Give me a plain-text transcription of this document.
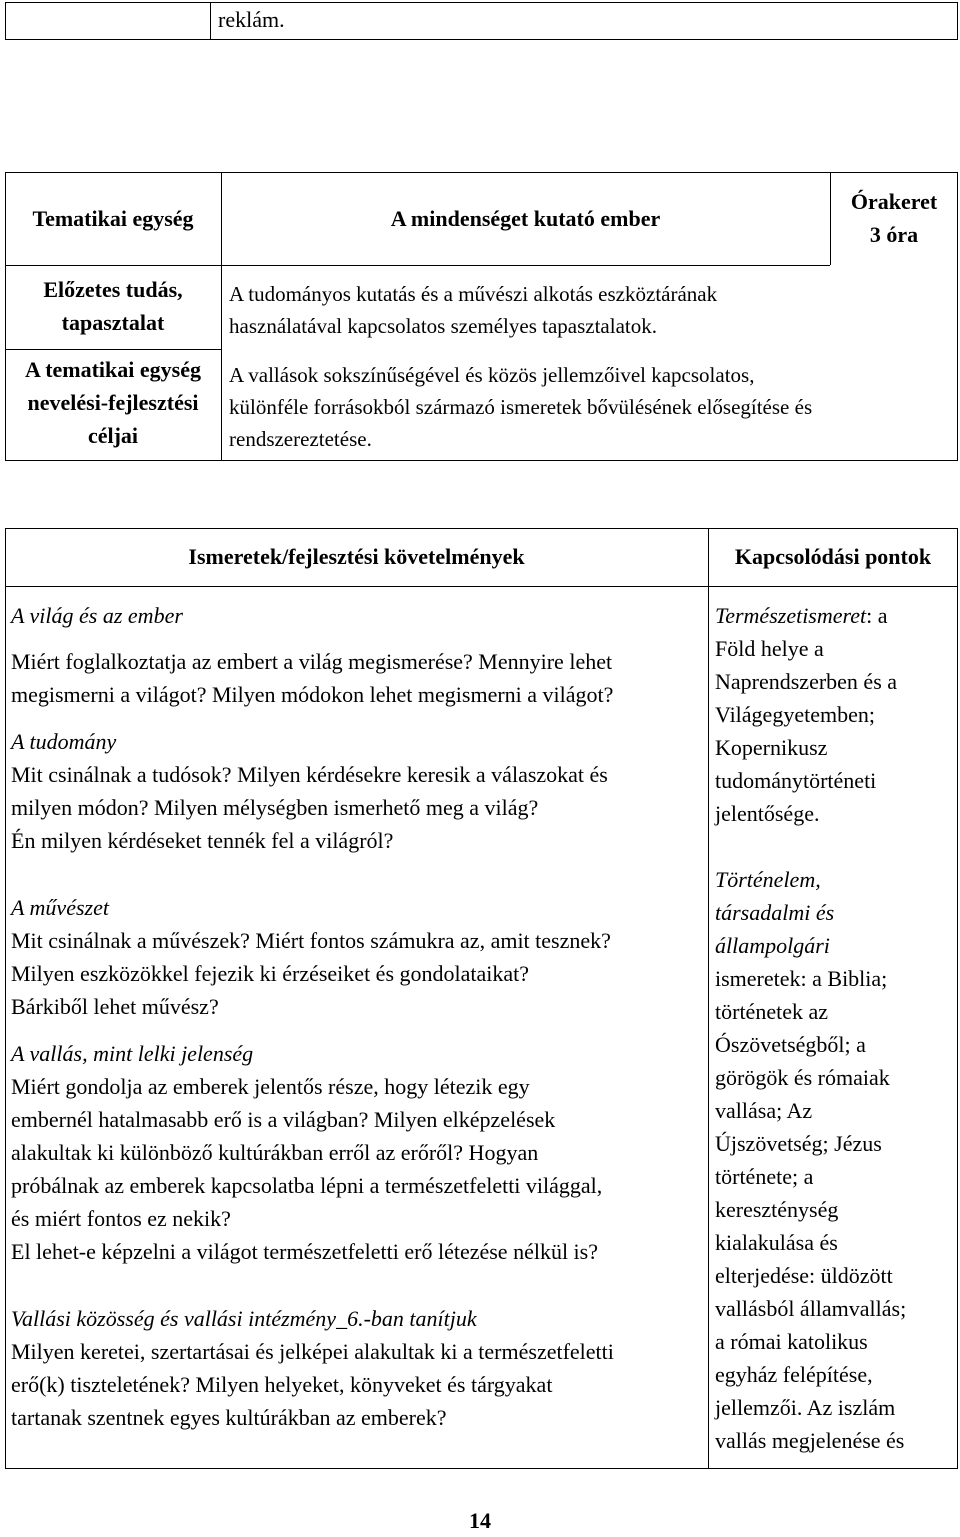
reklám.
Tematikai egység	A mindenséget kutató ember
Órakeret
3 óra

Előzetes tudás,

tapasztalat

A tudományos kutatás és a művészi alkotás eszköztárának

használatával kapcsolatos személyes tapasztalatok.

A tematikai egység

nevelési-fejlesztési

céljai

A vallások sokszínűségével és közös jellemzőivel kapcsolatos,

különféle forrásokból származó ismeretek bővülésének elősegítése és

rendszereztetése.

Ismeretek/fejlesztési követelmények	Kapcsolódási pontok

A világ és az ember

Miért foglalkoztatja az embert a világ megismerése? Mennyire lehet

megismerni a világot? Milyen módokon lehet megismerni a világot?

A tudomány

Mit csinálnak a tudósok? Milyen kérdésekre keresik a válaszokat és

milyen módon? Milyen mélységben ismerhető meg a világ?

Én milyen kérdéseket tennék fel a világról?

A művészet

Mit csinálnak a művészek? Miért fontos számukra az, amit tesznek?

Milyen eszközökkel fejezik ki érzéseiket és gondolataikat?

Bárkiből lehet művész?

A vallás, mint lelki jelenség

Miért gondolja az emberek jelentős része, hogy létezik egy

embernél hatalmasabb erő is a világban? Milyen elképzelések

alakultak ki különböző kultúrákban erről az erőről? Hogyan

próbálnak az emberek kapcsolatba lépni a természetfeletti világgal,

és miért fontos ez nekik?

El lehet-e képzelni a világot természetfeletti erő létezése nélkül is?

Vallási közösség és vallási intézmény_6.-ban tanítjuk

Milyen keretei, szertartásai és jelképei alakultak ki a természetfeletti

erő(k) tiszteletének? Milyen helyeket, könyveket és tárgyakat

tartanak szentnek egyes kultúrákban az emberek?

Természetismeret: a

Föld helye a

Naprendszerben és a

Világegyetemben;

Kopernikusz

tudománytörténeti

jelentősége.

Történelem,

társadalmi és

állampolgári

ismeretek: a Biblia;

történetek az

Ószövetségből; a

görögök és rómaiak

vallása; Az

Újszövetség; Jézus

története; a

kereszténység

kialakulása és

elterjedése: üldözött

vallásból államvallás;

a római katolikus

egyház felépítése,

jellemzői. Az iszlám

vallás megjelenése és

14
